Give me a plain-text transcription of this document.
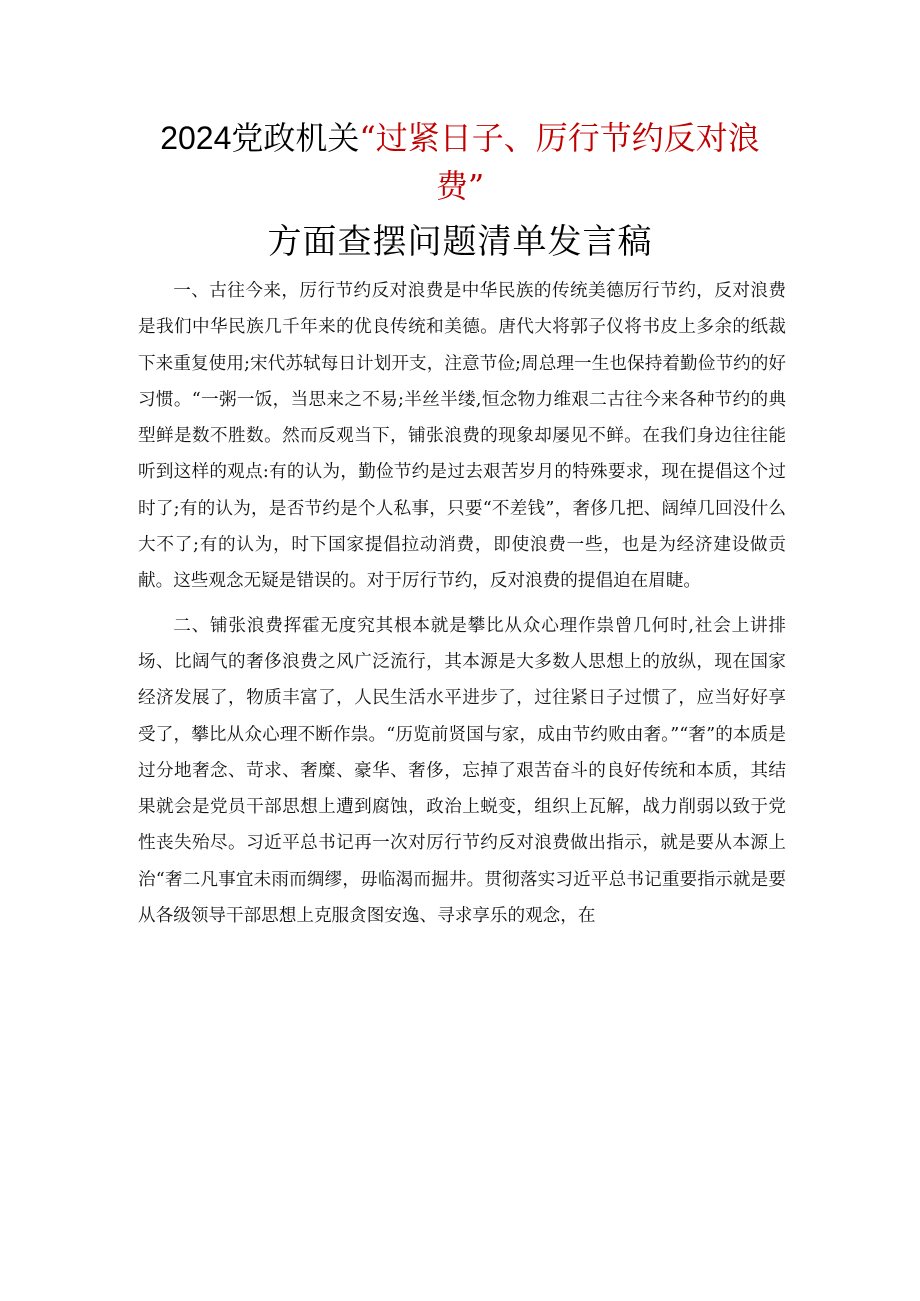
2024党政机关“过紧日子、厉行节约反对浪
费”
方面查摆问题清单发言稿

一、古往今来，厉行节约反对浪费是中华民族的传统美德厉行节约，反对浪费是我们中华民族几千年来的优良传统和美德。唐代大将郭子仪将书皮上多余的纸裁下来重复使用;宋代苏轼每日计划开支，注意节俭;周总理一生也保持着勤俭节约的好习惯。“一粥一饭，当思来之不易;半丝半缕,恒念物力维艰二古往今来各种节约的典型鲜是数不胜数。然而反观当下，铺张浪费的现象却屡见不鲜。在我们身边往往能听到这样的观点:有的认为，勤俭节约是过去艰苦岁月的特殊要求，现在提倡这个过时了;有的认为，是否节约是个人私事，只要“不差钱”，奢侈几把、阔绰几回没什么大不了;有的认为，时下国家提倡拉动消费，即使浪费一些，也是为经济建设做贡献。这些观念无疑是错误的。对于厉行节约，反对浪费的提倡迫在眉睫。

二、铺张浪费挥霍无度究其根本就是攀比从众心理作祟曾几何时,社会上讲排场、比阔气的奢侈浪费之风广泛流行，其本源是大多数人思想上的放纵，现在国家经济发展了，物质丰富了，人民生活水平进步了，过往紧日子过惯了，应当好好享受了，攀比从众心理不断作祟。“历览前贤国与家，成由节约败由奢。”“奢”的本质是过分地奢念、苛求、奢糜、豪华、奢侈，忘掉了艰苦奋斗的良好传统和本质，其结果就会是党员干部思想上遭到腐蚀，政治上蜕变，组织上瓦解，战力削弱以致于党性丧失殆尽。习近平总书记再一次对厉行节约反对浪费做出指示，就是要从本源上治“奢二凡事宜未雨而绸缪，毋临渴而掘井。贯彻落实习近平总书记重要指示就是要从各级领导干部思想上克服贪图安逸、寻求享乐的观念，在
